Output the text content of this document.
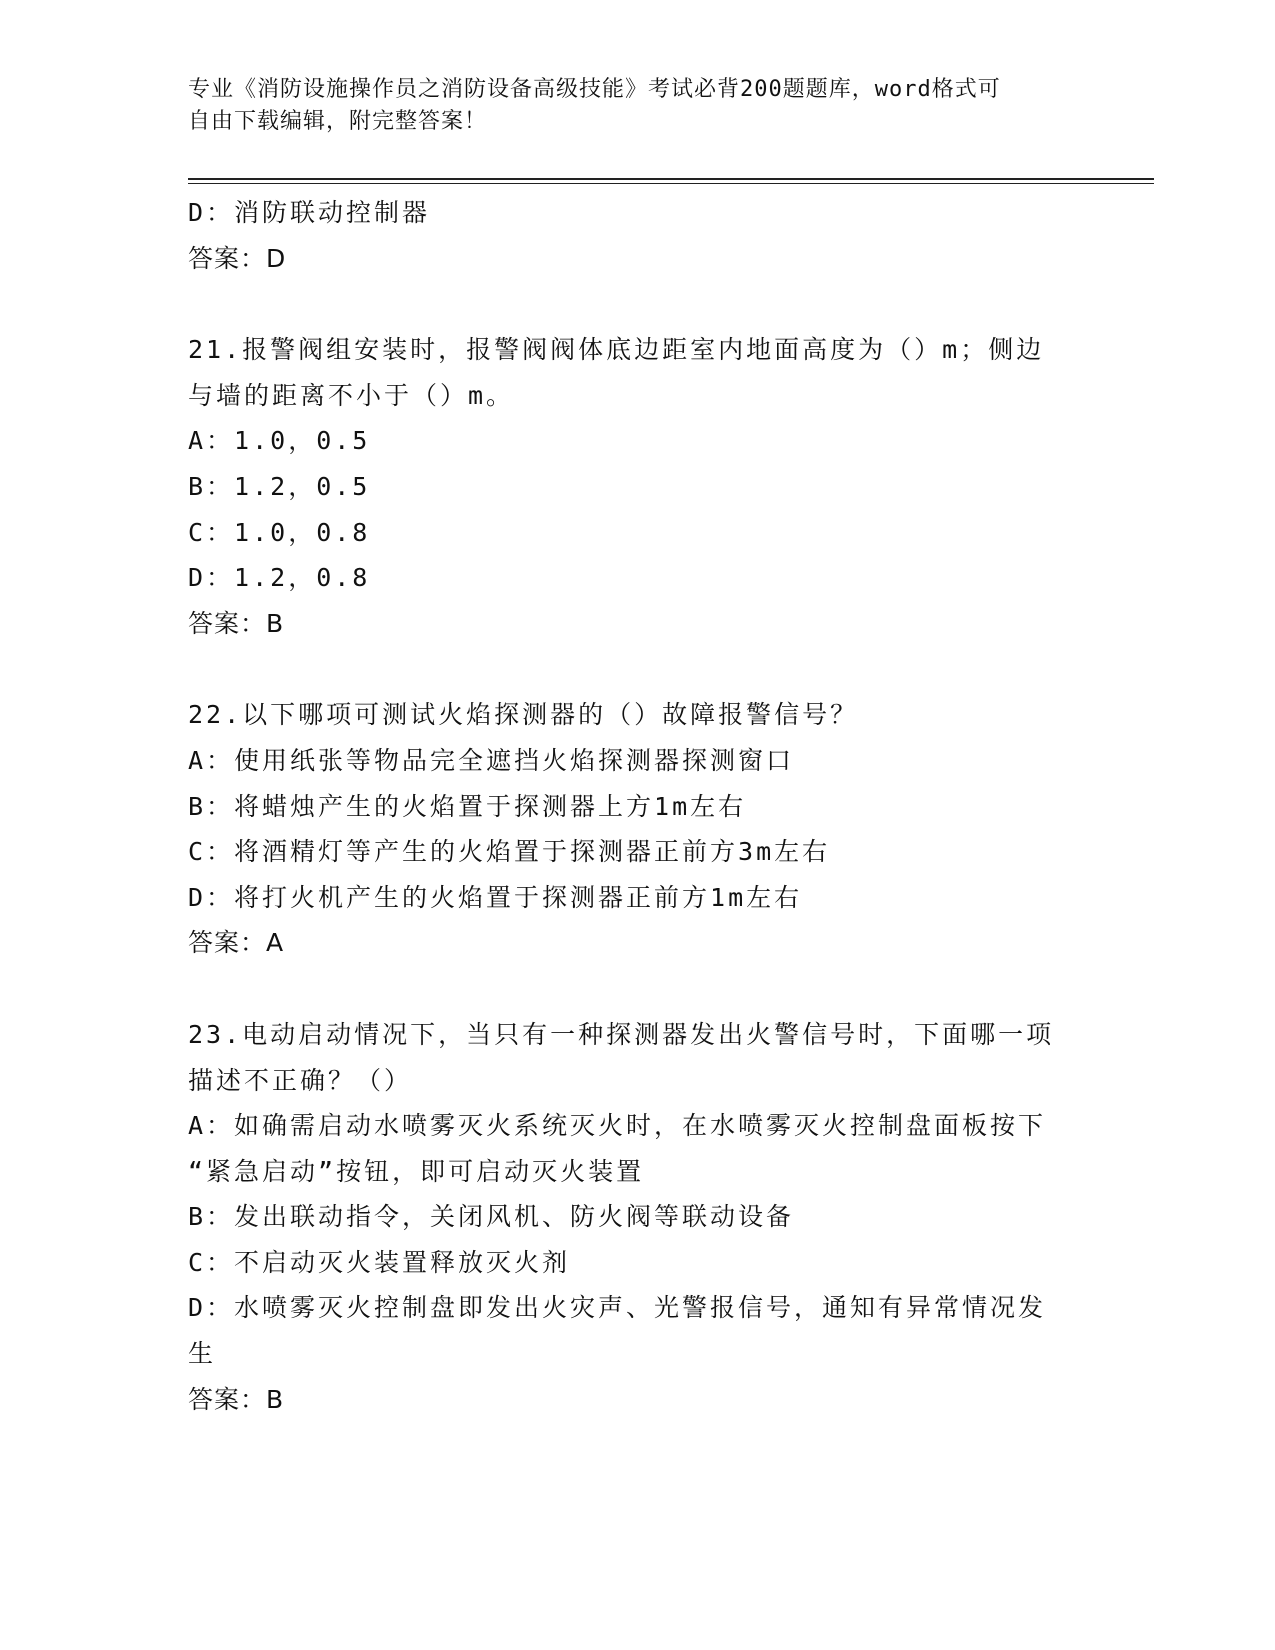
专业《消防设施操作员之消防设备高级技能》考试必背200题题库，word格式可
自由下载编辑，附完整答案！
D：消防联动控制器
答案：D
21.报警阀组安装时，报警阀阀体底边距室内地面高度为（）m；侧边
与墙的距离不小于（）m。
A：1.0，0.5
B：1.2，0.5
C：1.0，0.8
D：1.2，0.8
答案：B
22.以下哪项可测试火焰探测器的（）故障报警信号？
A：使用纸张等物品完全遮挡火焰探测器探测窗口
B：将蜡烛产生的火焰置于探测器上方1m左右
C：将酒精灯等产生的火焰置于探测器正前方3m左右
D：将打火机产生的火焰置于探测器正前方1m左右
答案：A
23.电动启动情况下，当只有一种探测器发出火警信号时，下面哪一项
描述不正确？（）
A：如确需启动水喷雾灭火系统灭火时，在水喷雾灭火控制盘面板按下
“紧急启动”按钮，即可启动灭火装置
B：发出联动指令，关闭风机、防火阀等联动设备
C：不启动灭火装置释放灭火剂
D：水喷雾灭火控制盘即发出火灾声、光警报信号，通知有异常情况发
生
答案：B
